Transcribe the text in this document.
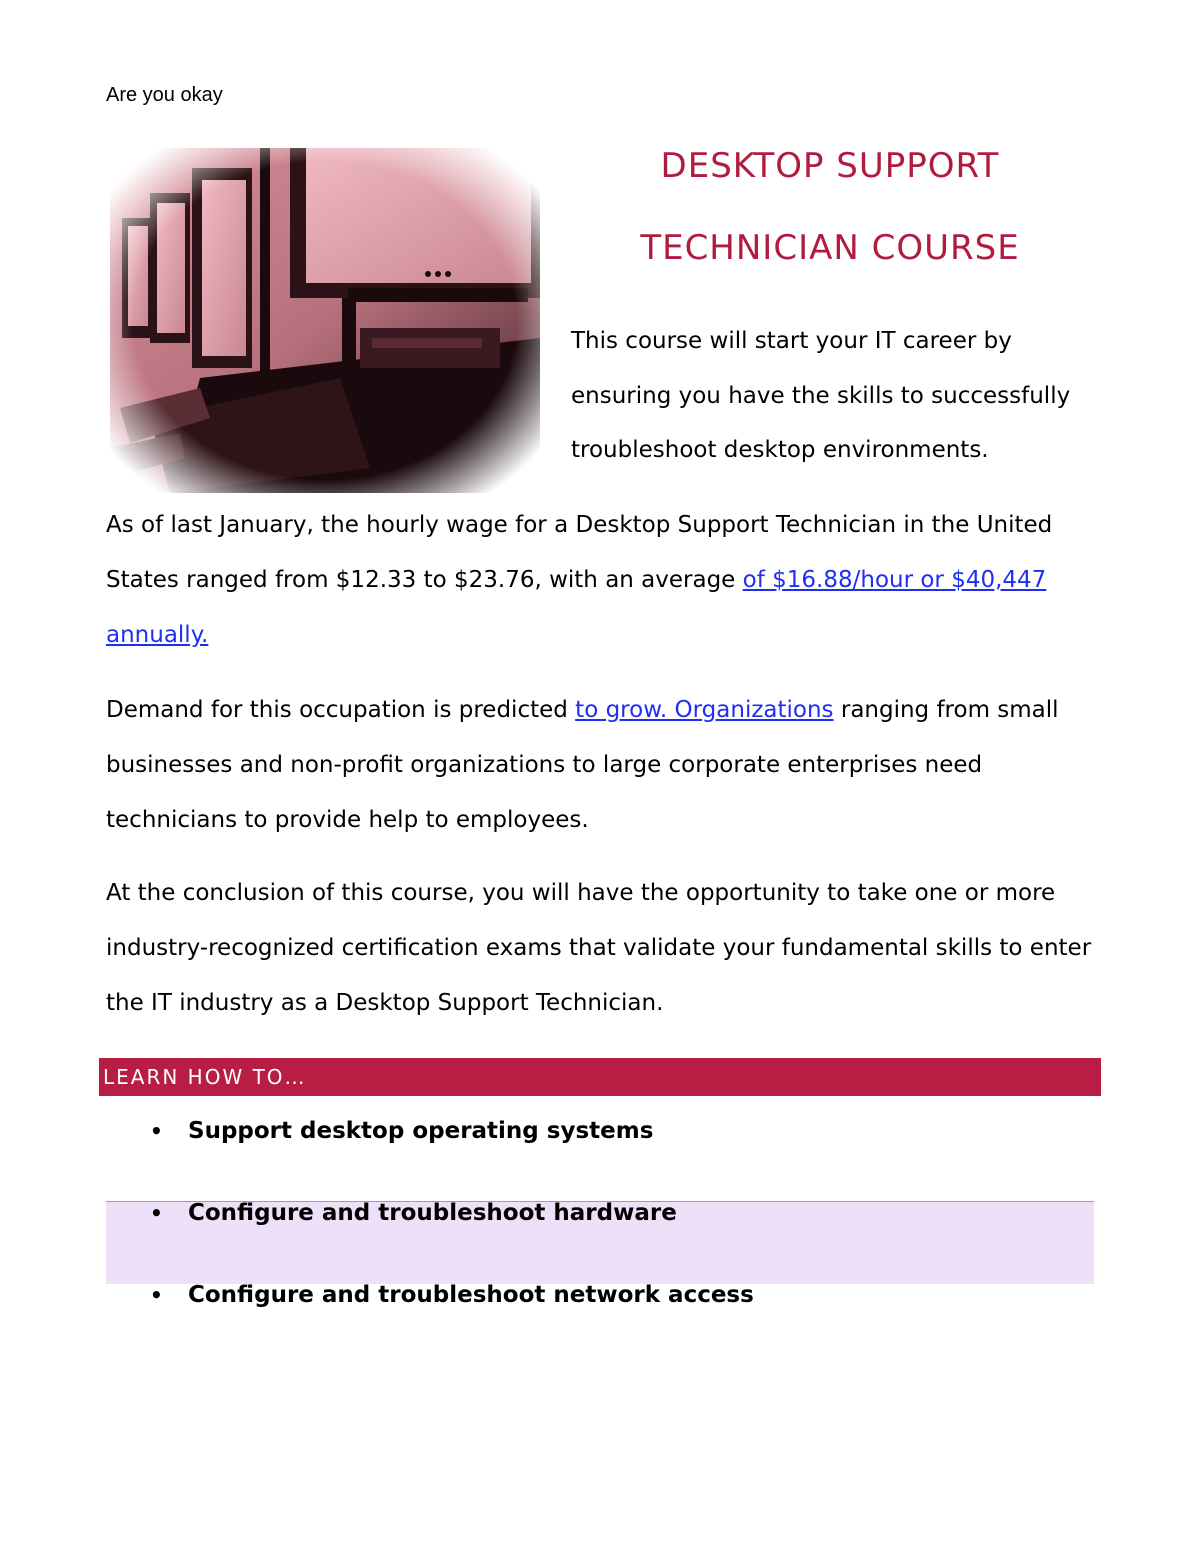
Are you okay
DESKTOP SUPPORT
TECHNICIAN COURSE

This course will start your IT career by ensuring you have the skills to successfully troubleshoot desktop environments.

As of last January, the hourly wage for a Desktop Support Technician in the United States ranged from $12.33 to $23.76, with an average of $16.88/hour or $40,447 annually.

Demand for this occupation is predicted to grow. Organizations ranging from small businesses and non-profit organizations to large corporate enterprises need technicians to provide help to employees.

At the conclusion of this course, you will have the opportunity to take one or more industry-recognized certification exams that validate your fundamental skills to enter the IT industry as a Desktop Support Technician.

LEARN HOW TO…

• Support desktop operating systems

• Configure and troubleshoot hardware

• Configure and troubleshoot network access
